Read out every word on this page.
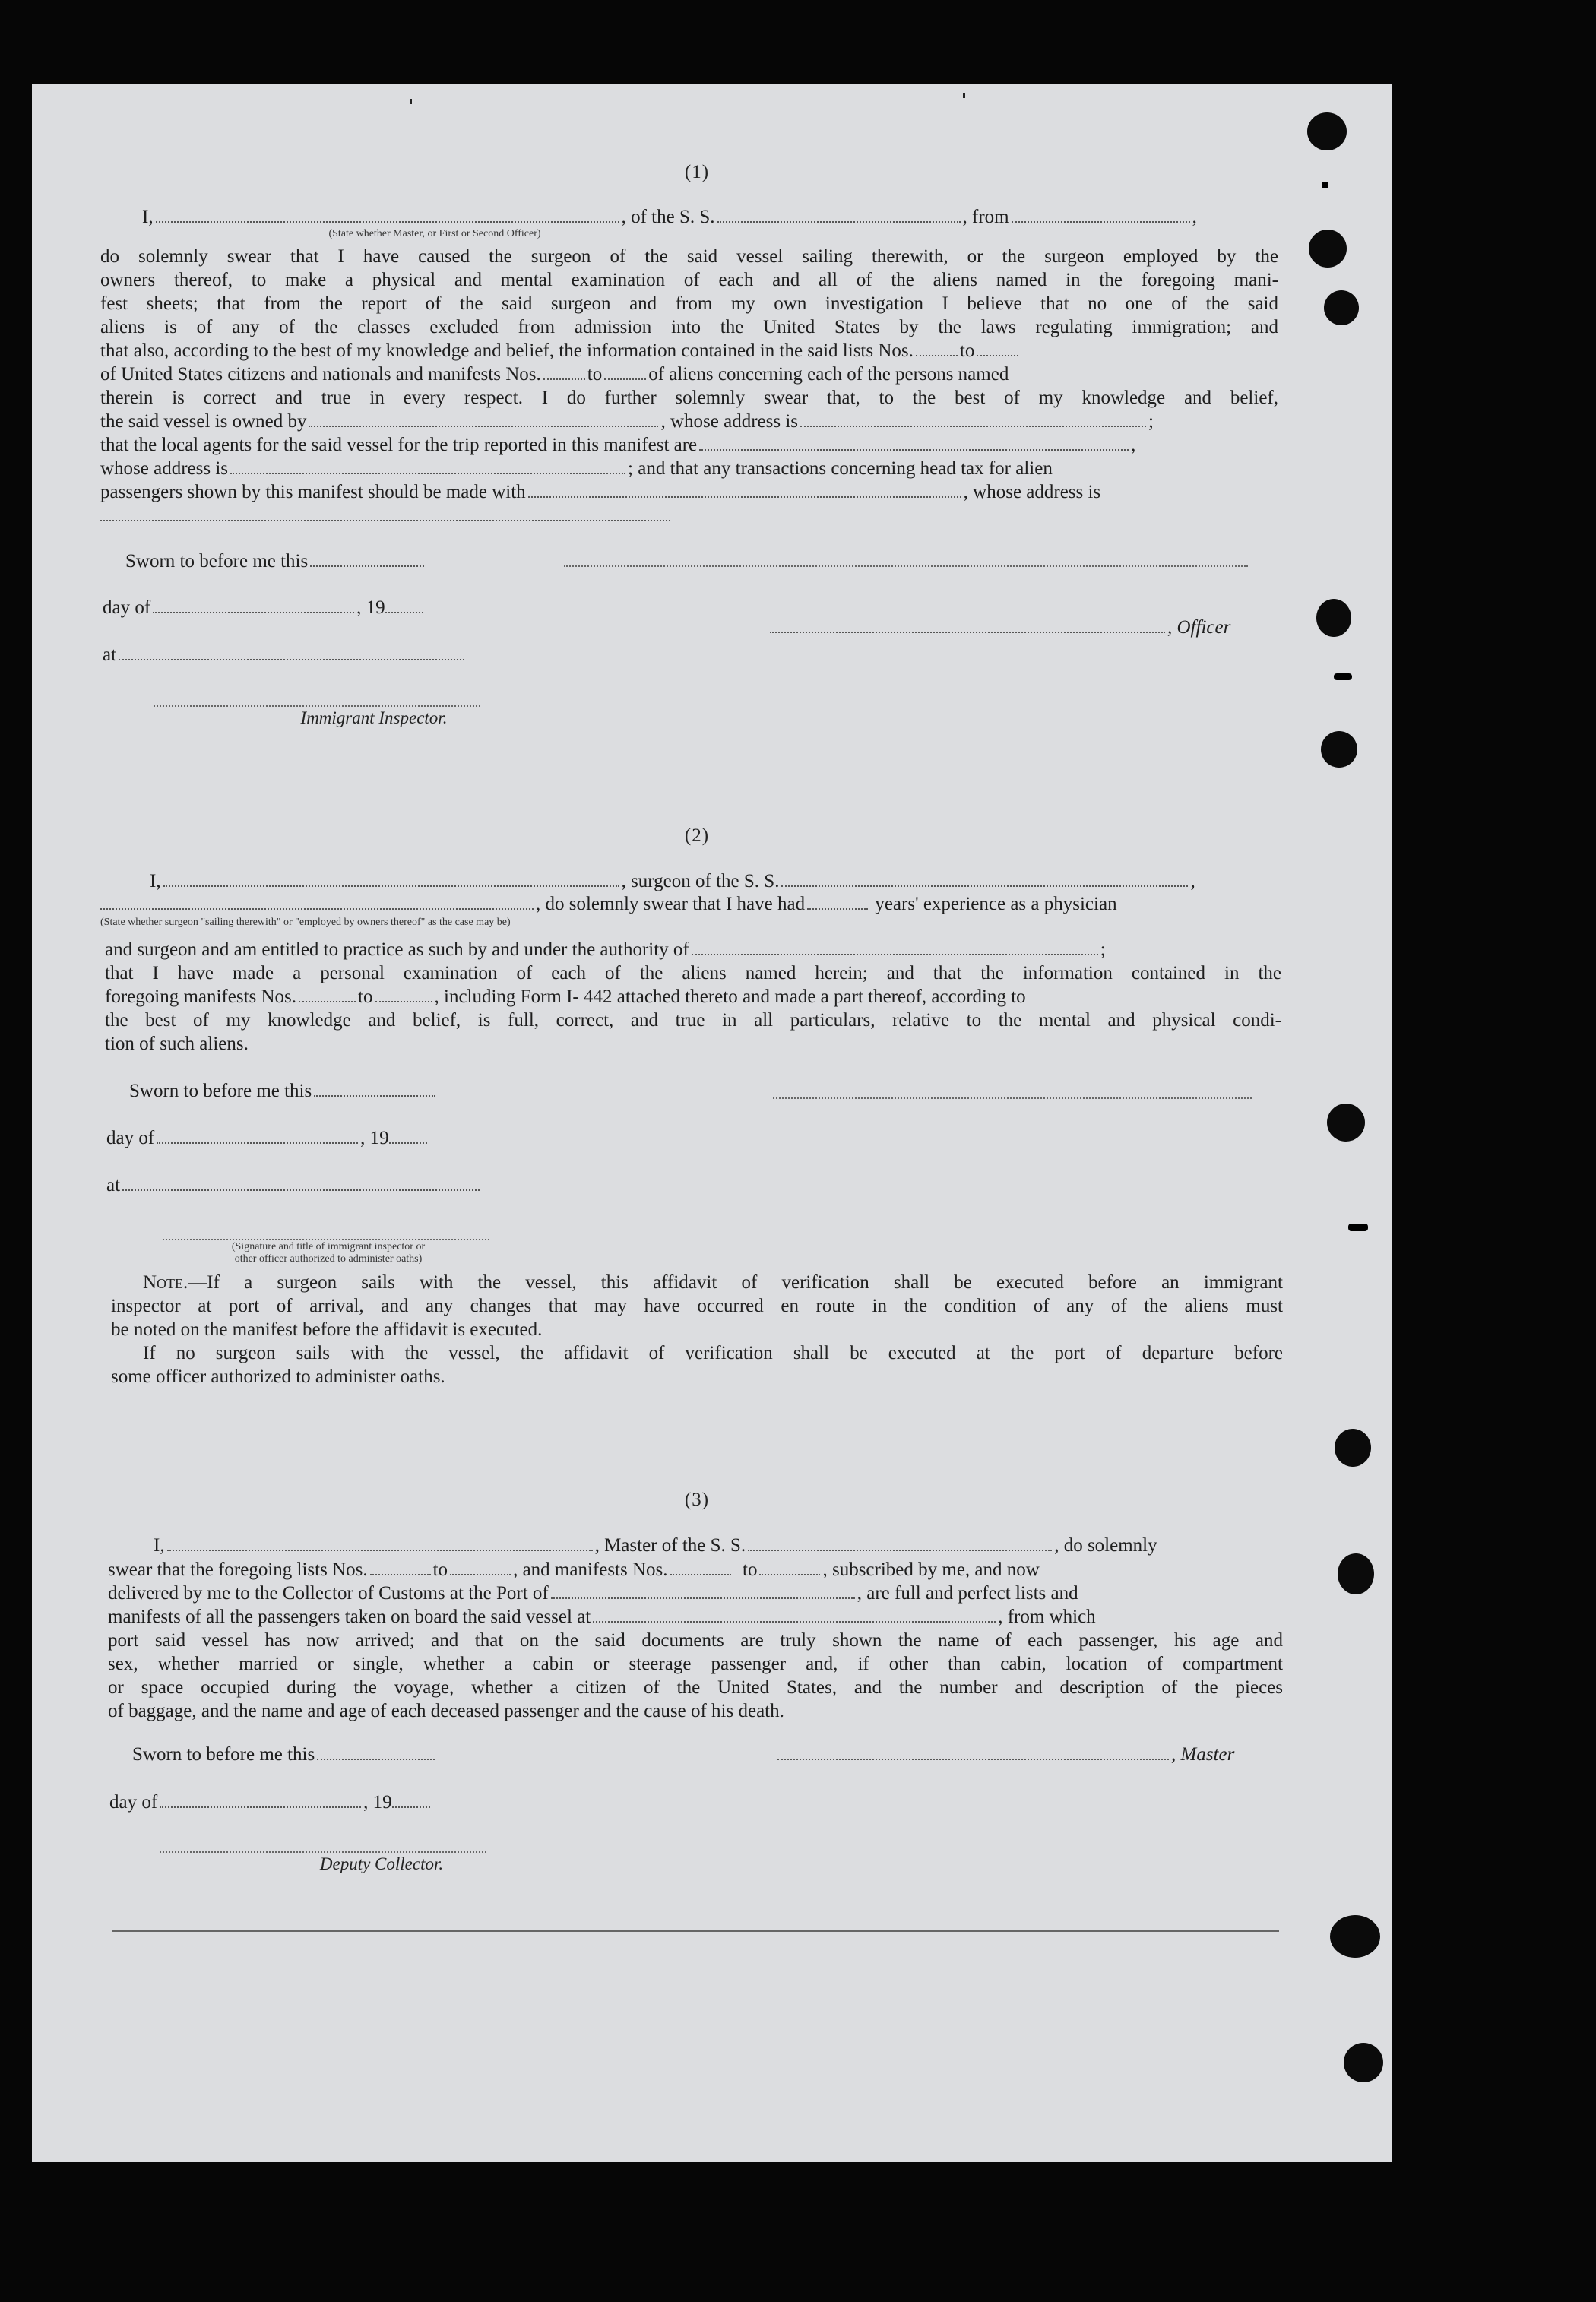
(1)
I,	, of the S. S.	, from	,
(State whether Master, or First or Second Officer)
do solemnly swear that I have caused the surgeon of the said vessel sailing therewith, or the surgeon employed by the
owners thereof, to make a physical and mental examination of each and all of the aliens named in the foregoing mani-
fest sheets; that from the report of the said surgeon and from my own investigation I believe that no one of the said
aliens is of any of the classes excluded from admission into the United States by the laws regulating immigration; and
that also, according to the best of my knowledge and belief, the information contained in the said lists Nos. to
of United States citizens and nationals and manifests Nos. to of aliens concerning each of the persons named
therein is correct and true in every respect. I do further solemnly swear that, to the best of my knowledge and belief,
the said vessel is owned by	, whose address is	;
that the local agents for the said vessel for the trip reported in this manifest are	,
whose address is	; and that any transactions concerning head tax for alien
passengers shown by this manifest should be made with	, whose address is
Sworn to before me this
day of	, 19
, Officer
at
Immigrant Inspector.
(2)
I,	, surgeon of the S. S.	,
, do solemnly swear that I have had	years' experience as a physician
(State whether surgeon "sailing therewith" or "employed by owners thereof" as the case may be)
and surgeon and am entitled to practice as such by and under the authority of	;
that I have made a personal examination of each of the aliens named herein; and that the information contained in the
foregoing manifests Nos.	to	, including Form I- 442 attached thereto and made a part thereof, according to
the best of my knowledge and belief, is full, correct, and true in all particulars, relative to the mental and physical condi-
tion of such aliens.
Sworn to before me this
day of	, 19
at
(Signature and title of immigrant inspector or
other officer authorized to administer oaths)
Note.—If a surgeon sails with the vessel, this affidavit of verification shall be executed before an immigrant
inspector at port of arrival, and any changes that may have occurred en route in the condition of any of the aliens must
be noted on the manifest before the affidavit is executed.
If no surgeon sails with the vessel, the affidavit of verification shall be executed at the port of departure before
some officer authorized to administer oaths.
(3)
I,	, Master of the S. S.	, do solemnly
swear that the foregoing lists Nos.	to	, and manifests Nos.	to	, subscribed by me, and now
delivered by me to the Collector of Customs at the Port of	, are full and perfect lists and
manifests of all the passengers taken on board the said vessel at	, from which
port said vessel has now arrived; and that on the said documents are truly shown the name of each passenger, his age and
sex, whether married or single, whether a cabin or steerage passenger and, if other than cabin, location of compartment
or space occupied during the voyage, whether a citizen of the United States, and the number and description of the pieces
of baggage, and the name and age of each deceased passenger and the cause of his death.
Sworn to before me this	, Master
day of	, 19
Deputy Collector.
